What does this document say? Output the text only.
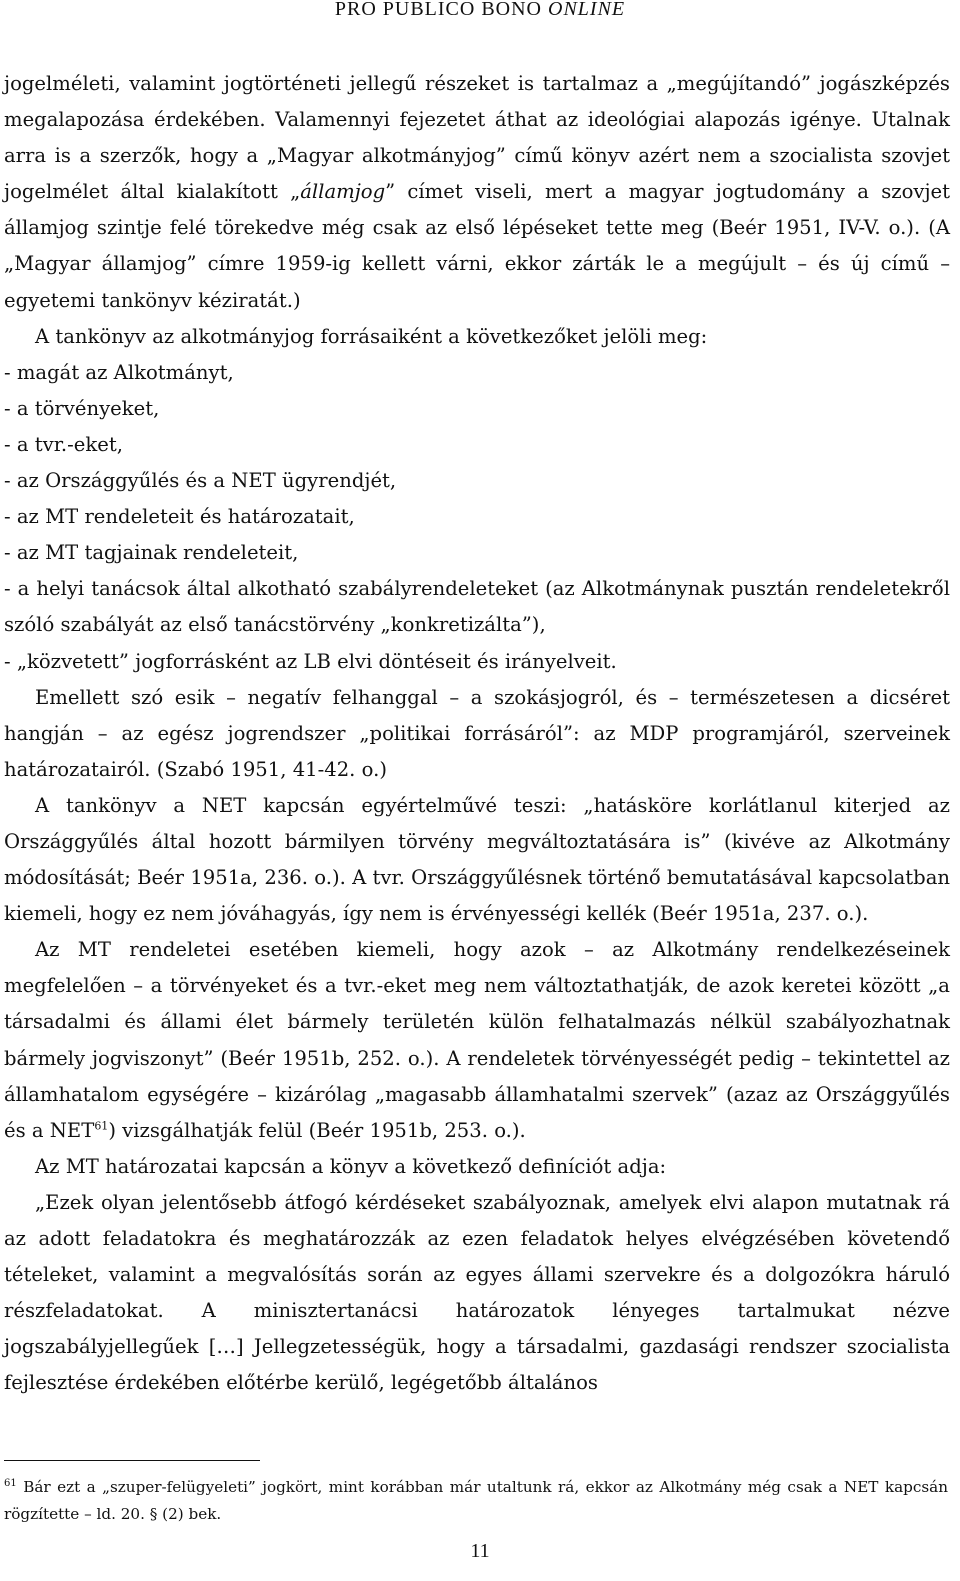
PRO PUBLICO BONO ONLINE

jogelméleti, valamint jogtörténeti jellegű részeket is tartalmaz a „megújítandó” jogászképzés megalapozása érdekében. Valamennyi fejezetet áthat az ideológiai alapozás igénye. Utalnak arra is a szerzők, hogy a „Magyar alkotmányjog” című könyv azért nem a szocialista szovjet jogelmélet által kialakított „államjog” címet viseli, mert a magyar jogtudomány a szovjet államjog szintje felé törekedve még csak az első lépéseket tette meg (Beér 1951, IV-V. o.). (A „Magyar államjog” címre 1959-ig kellett várni, ekkor zárták le a megújult – és új című – egyetemi tankönyv kéziratát.)

A tankönyv az alkotmányjog forrásaiként a következőket jelöli meg:

- magát az Alkotmányt,

- a törvényeket,

- a tvr.-eket,

- az Országgyűlés és a NET ügyrendjét,

- az MT rendeleteit és határozatait,

- az MT tagjainak rendeleteit,

- a helyi tanácsok által alkotható szabályrendeleteket (az Alkotmánynak pusztán rendeletekről szóló szabályát az első tanácstörvény „konkretizálta”),

- „közvetett” jogforrásként az LB elvi döntéseit és irányelveit.

Emellett szó esik – negatív felhanggal – a szokásjogról, és – természetesen a dicséret hangján – az egész jogrendszer „politikai forrásáról”: az MDP programjáról, szerveinek határozatairól. (Szabó 1951, 41-42. o.)

A tankönyv a NET kapcsán egyértelművé teszi: „hatásköre korlátlanul kiterjed az Országgyűlés által hozott bármilyen törvény megváltoztatására is” (kivéve az Alkotmány módosítását; Beér 1951a, 236. o.). A tvr. Országgyűlésnek történő bemutatásával kapcsolatban kiemeli, hogy ez nem jóváhagyás, így nem is érvényességi kellék (Beér 1951a, 237. o.).

Az MT rendeletei esetében kiemeli, hogy azok – az Alkotmány rendelkezéseinek megfelelően – a törvényeket és a tvr.-eket meg nem változtathatják, de azok keretei között „a társadalmi és állami élet bármely területén külön felhatalmazás nélkül szabályozhatnak bármely jogviszonyt” (Beér 1951b, 252. o.). A rendeletek törvényességét pedig – tekintettel az államhatalom egységére – kizárólag „magasabb államhatalmi szervek” (azaz az Országgyűlés és a NET$^{61}$) vizsgálhatják felül (Beér 1951b, 253. o.).

Az MT határozatai kapcsán a könyv a következő definíciót adja:

„Ezek olyan jelentősebb átfogó kérdéseket szabályoznak, amelyek elvi alapon mutatnak rá az adott feladatokra és meghatározzák az ezen feladatok helyes elvégzésében követendő tételeket, valamint a megvalósítás során az egyes állami szervekre és a dolgozókra háruló részfeladatokat. A minisztertanácsi határozatok lényeges tartalmukat nézve jogszabályjellegűek […] Jellegzetességük, hogy a társadalmi, gazdasági rendszer szocialista fejlesztése érdekében előtérbe kerülő, legégetőbb általános

$^{61}$ Bár ezt a „szuper-felügyeleti” jogkört, mint korábban már utaltunk rá, ekkor az Alkotmány még csak a NET kapcsán rögzítette – ld. 20. § (2) bek.

11
